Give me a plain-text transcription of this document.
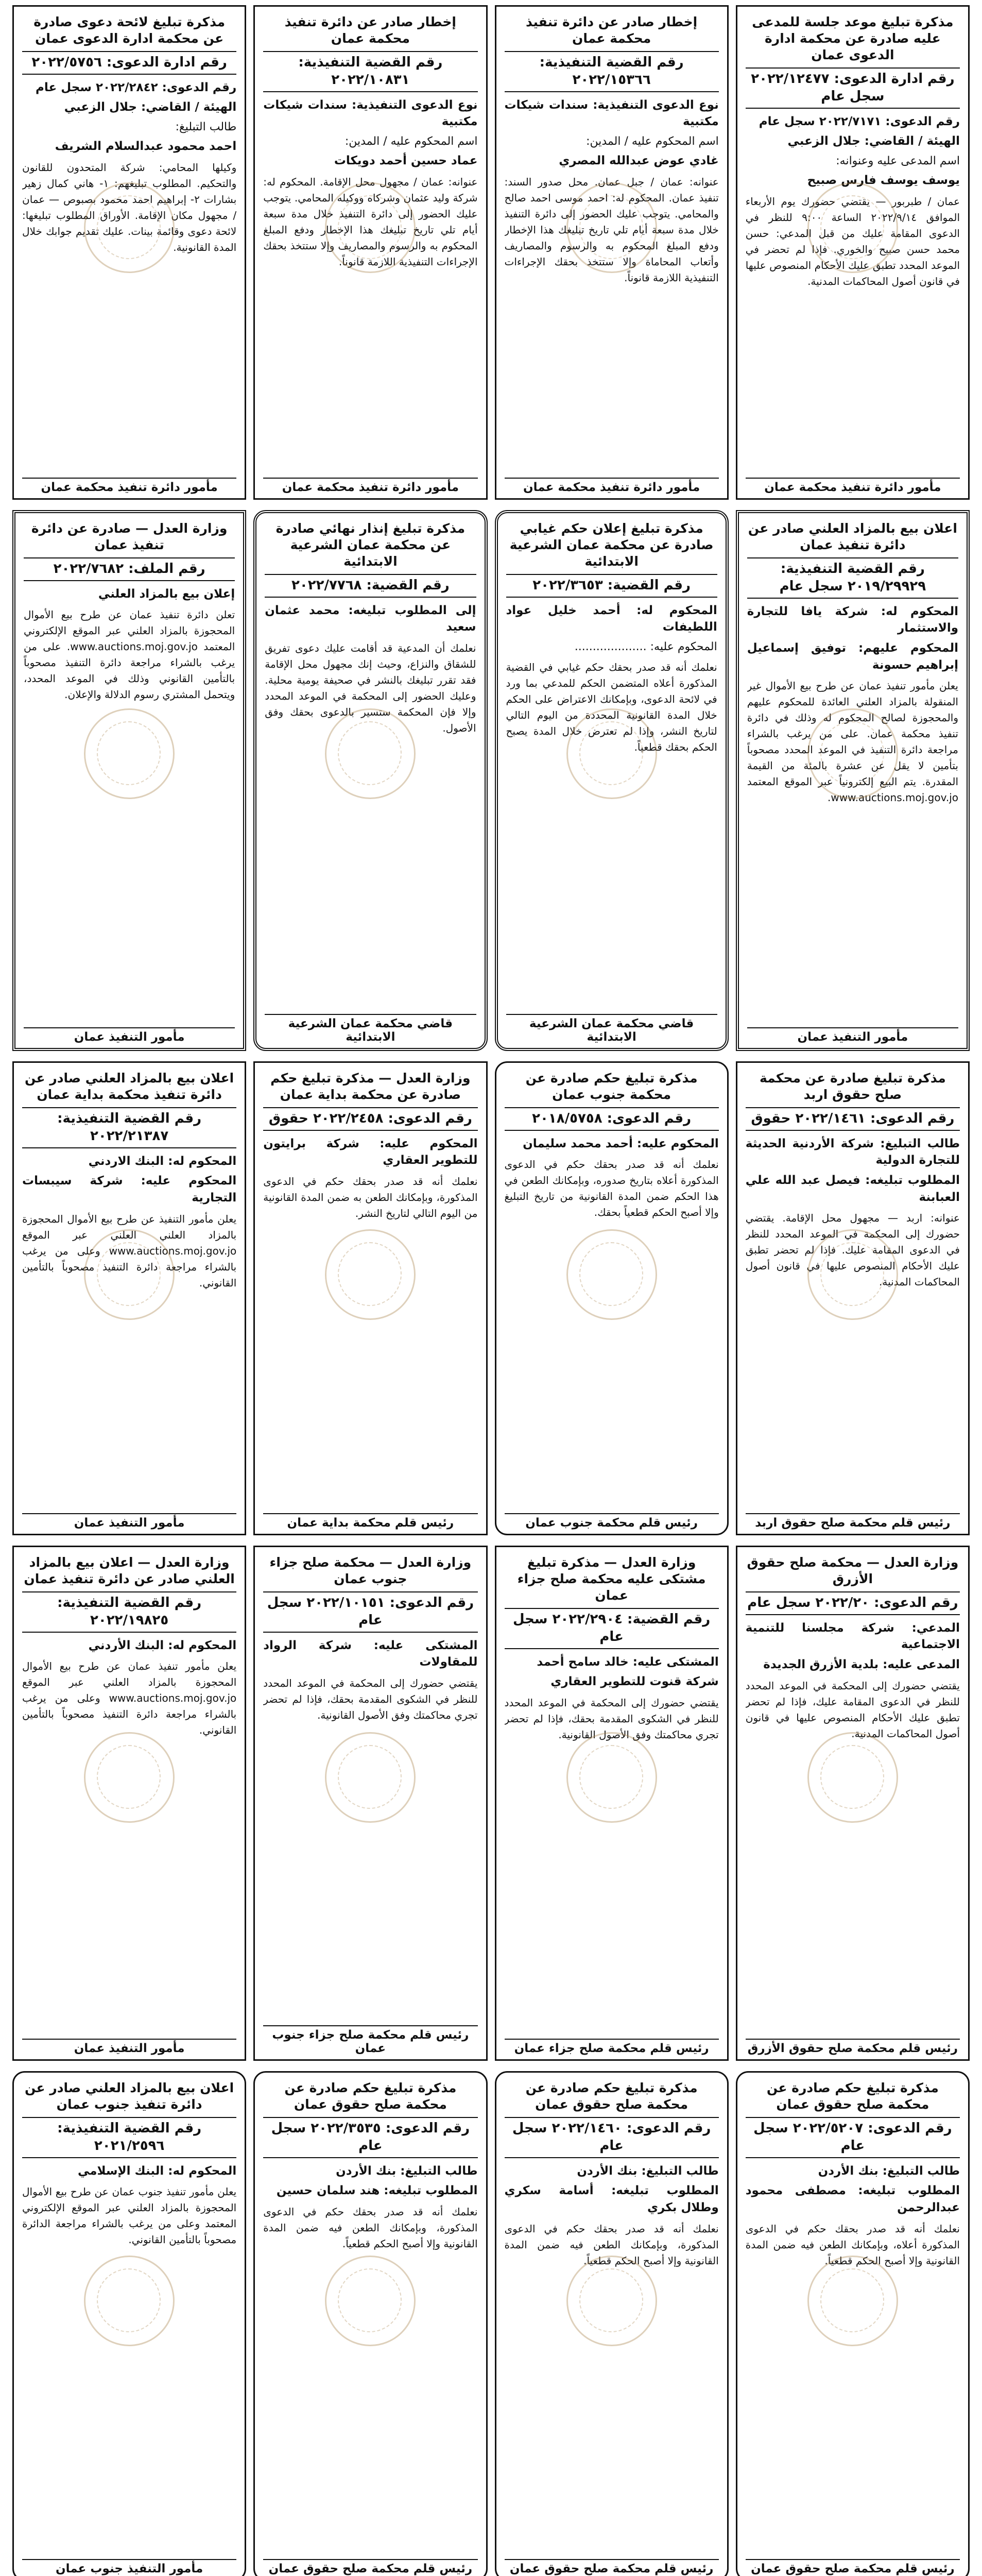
مذكرة تبليغ موعد جلسة للمدعى عليه صادرة عن محكمة ادارة الدعوى عمان
رقم ادارة الدعوى: ٢٠٢٢/١٢٤٧٧ سجل عام
رقم الدعوى: ٢٠٢٢/٧١٧١ سجل عام
الهيئة / القاضي: جلال الزعبي
اسم المدعى عليه وعنوانه:
يوسف يوسف فارس صبيح
عمان / طبربور — يقتضي حضورك يوم الأربعاء الموافق ٢٠٢٢/٩/١٤ الساعة ٩:٠٠ للنظر في الدعوى المقامة عليك من قبل المدعي: حسن محمد حسن صبيح والخوري. فإذا لم تحضر في الموعد المحدد تطبق عليك الأحكام المنصوص عليها في قانون أصول المحاكمات المدنية.
مأمور دائرة تنفيذ محكمة عمان
إخطار صادر عن دائرة تنفيذ محكمة عمان
رقم القضية التنفيذية: ٢٠٢٢/١٥٣٦٦
نوع الدعوى التنفيذية: سندات شيكات مكتبية
اسم المحكوم عليه / المدين:
غادي عوض عبدالله المصري
عنوانه: عمان / جبل عمان. محل صدور السند: تنفيذ عمان. المحكوم له: احمد موسى احمد صالح والمحامي. يتوجب عليك الحضور إلى دائرة التنفيذ خلال مدة سبعة أيام تلي تاريخ تبليغك هذا الإخطار ودفع المبلغ المحكوم به والرسوم والمصاريف وأتعاب المحاماة وإلا ستتخذ بحقك الإجراءات التنفيذية اللازمة قانوناً.
مأمور دائرة تنفيذ محكمة عمان
إخطار صادر عن دائرة تنفيذ محكمة عمان
رقم القضية التنفيذية: ٢٠٢٢/١٠٨٣١
نوع الدعوى التنفيذية: سندات شيكات مكتبية
اسم المحكوم عليه / المدين:
عماد حسين أحمد دويكات
عنوانه: عمان / مجهول محل الإقامة. المحكوم له: شركة وليد عثمان وشركاه ووكيله المحامي. يتوجب عليك الحضور إلى دائرة التنفيذ خلال مدة سبعة أيام تلي تاريخ تبليغك هذا الإخطار ودفع المبلغ المحكوم به والرسوم والمصاريف وإلا ستتخذ بحقك الإجراءات التنفيذية اللازمة قانوناً.
مأمور دائرة تنفيذ محكمة عمان
مذكرة تبليغ لائحة دعوى صادرة عن محكمة ادارة الدعوى عمان
رقم ادارة الدعوى: ٢٠٢٢/٥٧٥٦
رقم الدعوى: ٢٠٢٢/٢٨٤٢ سجل عام
الهيئة / القاضي: جلال الزعبي
طالب التبليغ:
احمد محمود عبدالسلام الشريف
وكيلها المحامي: شركة المتحدون للقانون والتحكيم. المطلوب تبليغهم: ١- هاني كمال زهير بشارات ٢- إبراهيم احمد محمود بصبوص — عمان / مجهول مكان الإقامة. الأوراق المطلوب تبليغها: لائحة دعوى وقائمة بينات. عليك تقديم جوابك خلال المدة القانونية.
مأمور دائرة تنفيذ محكمة عمان
اعلان بيع بالمزاد العلني صادر عن دائرة تنفيذ عمان
رقم القضية التنفيذية: ٢٠١٩/٢٩٩٢٩ سجل عام
المحكوم له: شركة يافا للتجارة والاستثمار
المحكوم عليهم: توفيق إسماعيل إبراهيم حسونة
يعلن مأمور تنفيذ عمان عن طرح بيع الأموال غير المنقولة بالمزاد العلني العائدة للمحكوم عليهم والمحجوزة لصالح المحكوم له وذلك في دائرة تنفيذ محكمة عمان. على من يرغب بالشراء مراجعة دائرة التنفيذ في الموعد المحدد مصحوباً بتأمين لا يقل عن عشرة بالمئة من القيمة المقدرة. يتم البيع إلكترونياً عبر الموقع المعتمد www.auctions.moj.gov.jo.
مأمور التنفيذ عمان
مذكرة تبليغ إعلان حكم غيابي صادرة عن محكمة عمان الشرعية الابتدائية
رقم القضية: ٢٠٢٢/٣٦٥٣
المحكوم له: أحمد خليل عواد اللطيفات
المحكوم عليه: ....................
نعلمك أنه قد صدر بحقك حكم غيابي في القضية المذكورة أعلاه المتضمن الحكم للمدعي بما ورد في لائحة الدعوى، وبإمكانك الاعتراض على الحكم خلال المدة القانونية المحددة من اليوم التالي لتاريخ النشر، وإذا لم تعترض خلال المدة يصبح الحكم بحقك قطعياً.
قاضي محكمة عمان الشرعية الابتدائية
مذكرة تبليغ إنذار نهائي صادرة عن محكمة عمان الشرعية الابتدائية
رقم القضية: ٢٠٢٢/٧٧٦٨
إلى المطلوب تبليغه: محمد عثمان سعيد
نعلمك أن المدعية قد أقامت عليك دعوى تفريق للشقاق والنزاع، وحيث إنك مجهول محل الإقامة فقد تقرر تبليغك بالنشر في صحيفة يومية محلية. وعليك الحضور إلى المحكمة في الموعد المحدد وإلا فإن المحكمة ستسير بالدعوى بحقك وفق الأصول.
قاضي محكمة عمان الشرعية الابتدائية
وزارة العدل — صادرة عن دائرة تنفيذ عمان
رقم الملف: ٢٠٢٢/٧٦٨٢
إعلان بيع بالمزاد العلني
تعلن دائرة تنفيذ عمان عن طرح بيع الأموال المحجوزة بالمزاد العلني عبر الموقع الإلكتروني المعتمد www.auctions.moj.gov.jo. على من يرغب بالشراء مراجعة دائرة التنفيذ مصحوباً بالتأمين القانوني وذلك في الموعد المحدد، ويتحمل المشتري رسوم الدلالة والإعلان.
مأمور التنفيذ عمان
مذكرة تبليغ صادرة عن محكمة صلح حقوق اربد
رقم الدعوى: ٢٠٢٢/١٤٦١ حقوق
طالب التبليغ: شركة الأردنية الحديثة للتجارة الدولية
المطلوب تبليغه: فيصل عبد الله علي العبابنة
عنوانه: اربد — مجهول محل الإقامة. يقتضي حضورك إلى المحكمة في الموعد المحدد للنظر في الدعوى المقامة عليك. فإذا لم تحضر تطبق عليك الأحكام المنصوص عليها في قانون أصول المحاكمات المدنية.
رئيس قلم محكمة صلح حقوق اربد
مذكرة تبليغ حكم صادرة عن محكمة جنوب عمان
رقم الدعوى: ٢٠١٨/٥٧٥٨
المحكوم عليه: أحمد محمد سليمان
نعلمك أنه قد صدر بحقك حكم في الدعوى المذكورة أعلاه بتاريخ صدوره، وبإمكانك الطعن في هذا الحكم ضمن المدة القانونية من تاريخ التبليغ وإلا أصبح الحكم قطعياً بحقك.
رئيس قلم محكمة جنوب عمان
وزارة العدل — مذكرة تبليغ حكم صادرة عن محكمة بداية عمان
رقم الدعوى: ٢٠٢٢/٢٤٥٨ حقوق
المحكوم عليه: شركة برايتون للتطوير العقاري
نعلمك أنه قد صدر بحقك حكم في الدعوى المذكورة، وبإمكانك الطعن به ضمن المدة القانونية من اليوم التالي لتاريخ النشر.
رئيس قلم محكمة بداية عمان
اعلان بيع بالمزاد العلني صادر عن دائرة تنفيذ محكمة بداية عمان
رقم القضية التنفيذية: ٢٠٢٢/٢١٣٨٧
المحكوم له: البنك الاردني
المحكوم عليه: شركة سيبسات التجارية
يعلن مأمور التنفيذ عن طرح بيع الأموال المحجوزة بالمزاد العلني العلني عبر الموقع www.auctions.moj.gov.jo وعلى من يرغب بالشراء مراجعة دائرة التنفيذ مصحوباً بالتأمين القانوني.
مأمور التنفيذ عمان
وزارة العدل — محكمة صلح حقوق الأزرق
رقم الدعوى: ٢٠٢٢/٢٠ سجل عام
المدعي: شركة مجلسنا للتنمية الاجتماعية
المدعى عليه: بلدية الأزرق الجديدة
يقتضي حضورك إلى المحكمة في الموعد المحدد للنظر في الدعوى المقامة عليك، فإذا لم تحضر تطبق عليك الأحكام المنصوص عليها في قانون أصول المحاكمات المدنية.
رئيس قلم محكمة صلح حقوق الأزرق
وزارة العدل — مذكرة تبليغ مشتكى عليه محكمة صلح جزاء عمان
رقم القضية: ٢٠٢٢/٢٩٠٤ سجل عام
المشتكى عليه: خالد سامح أحمد
شركة قنوت للتطوير العقاري
يقتضي حضورك إلى المحكمة في الموعد المحدد للنظر في الشكوى المقدمة بحقك، فإذا لم تحضر تجري محاكمتك وفق الأصول القانونية.
رئيس قلم محكمة صلح جزاء عمان
وزارة العدل — محكمة صلح جزاء جنوب عمان
رقم الدعوى: ٢٠٢٢/١٠١٥١ سجل عام
المشتكى عليه: شركة الرواد للمقاولات
يقتضي حضورك إلى المحكمة في الموعد المحدد للنظر في الشكوى المقدمة بحقك، فإذا لم تحضر تجري محاكمتك وفق الأصول القانونية.
رئيس قلم محكمة صلح جزاء جنوب عمان
وزارة العدل — اعلان بيع بالمزاد العلني صادر عن دائرة تنفيذ عمان
رقم القضية التنفيذية: ٢٠٢٢/١٩٨٢٥
المحكوم له: البنك الأردني
يعلن مأمور تنفيذ عمان عن طرح بيع الأموال المحجوزة بالمزاد العلني عبر الموقع www.auctions.moj.gov.jo وعلى من يرغب بالشراء مراجعة دائرة التنفيذ مصحوباً بالتأمين القانوني.
مأمور التنفيذ عمان
مذكرة تبليغ حكم صادرة عن محكمة صلح حقوق عمان
رقم الدعوى: ٢٠٢٢/٥٢٠٧ سجل عام
طالب التبليغ: بنك الأردن
المطلوب تبليغه: مصطفى محمود عبدالرحمن
نعلمك أنه قد صدر بحقك حكم في الدعوى المذكورة أعلاه، وبإمكانك الطعن فيه ضمن المدة القانونية وإلا أصبح الحكم قطعياً.
رئيس قلم محكمة صلح حقوق عمان
مذكرة تبليغ حكم صادرة عن محكمة صلح حقوق عمان
رقم الدعوى: ٢٠٢٢/١٤٦٠ سجل عام
طالب التبليغ: بنك الأردن
المطلوب تبليغه: أسامة سكري وطلال بكري
نعلمك أنه قد صدر بحقك حكم في الدعوى المذكورة، وبإمكانك الطعن فيه ضمن المدة القانونية وإلا أصبح الحكم قطعياً.
رئيس قلم محكمة صلح حقوق عمان
مذكرة تبليغ حكم صادرة عن محكمة صلح حقوق عمان
رقم الدعوى: ٢٠٢٢/٣٥٣٥ سجل عام
طالب التبليغ: بنك الأردن
المطلوب تبليغه: هند سلمان حسين
نعلمك أنه قد صدر بحقك حكم في الدعوى المذكورة، وبإمكانك الطعن فيه ضمن المدة القانونية وإلا أصبح الحكم قطعياً.
رئيس قلم محكمة صلح حقوق عمان
اعلان بيع بالمزاد العلني صادر عن دائرة تنفيذ جنوب عمان
رقم القضية التنفيذية: ٢٠٢١/٢٥٩٦
المحكوم له: البنك الإسلامي
يعلن مأمور تنفيذ جنوب عمان عن طرح بيع الأموال المحجوزة بالمزاد العلني عبر الموقع الإلكتروني المعتمد وعلى من يرغب بالشراء مراجعة الدائرة مصحوباً بالتأمين القانوني.
مأمور التنفيذ جنوب عمان
